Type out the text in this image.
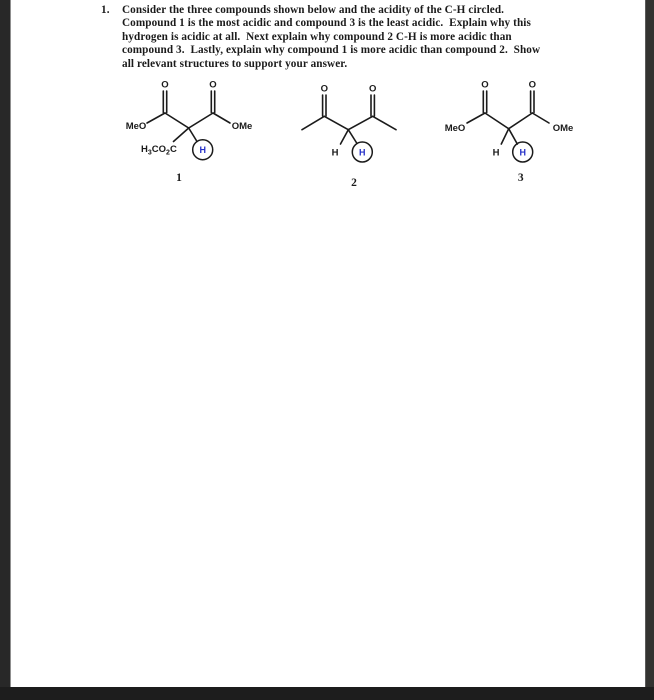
1.	Consider the three compounds shown below and the acidity of the C-H circled.
Compound 1 is the most acidic and compound 3 is the least acidic.  Explain why this
hydrogen is acidic at all.  Next explain why compound 2 C-H is more acidic than
compound 3.  Lastly, explain why compound 1 is more acidic than compound 2.  Show
all relevant structures to support your answer.
O	O
MeO	OMe
$H_3CO_2C$	H
1
O	O
H H
2
O	O
MeO	OMe
H H
3
